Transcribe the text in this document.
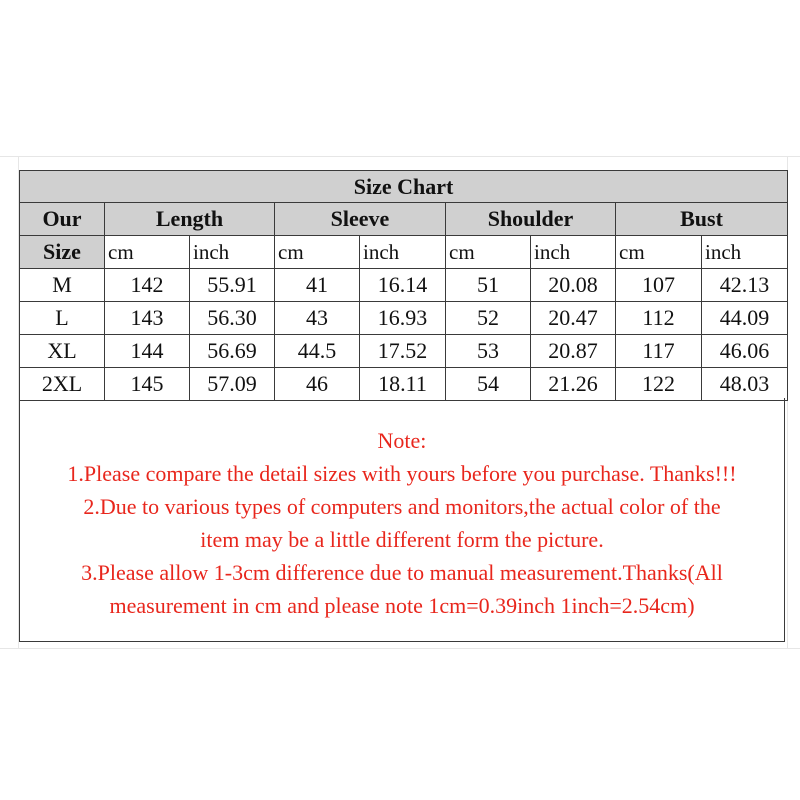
Size Chart								
Our	Length		Sleeve		Shoulder		Bust	
Size	cm	inch	cm	inch	cm	inch	cm	inch
M	142	55.91	41	16.14	51	20.08	107	42.13
L	143	56.30	43	16.93	52	20.47	112	44.09
XL	144	56.69	44.5	17.52	53	20.87	117	46.06
2XL	145	57.09	46	18.11	54	21.26	122	48.03
Note:
1.Please compare the detail sizes with yours before you purchase. Thanks!!!
2.Due to various types of computers and monitors,the actual color of the
item may be a little different form the picture.
3.Please allow 1-3cm difference due to manual measurement.Thanks(All
measurement in cm and please note 1cm=0.39inch 1inch=2.54cm)
